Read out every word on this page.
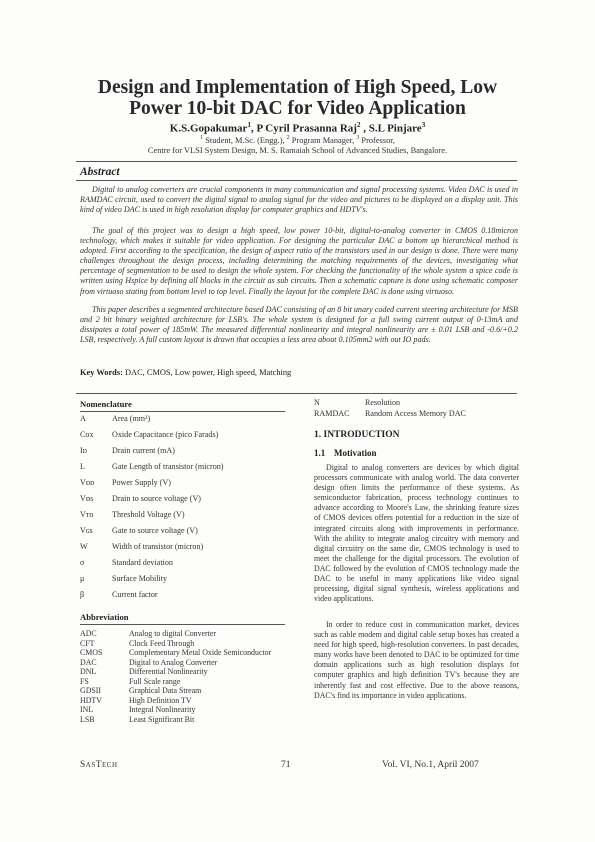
Design and Implementation of High Speed, Low
Power 10-bit DAC for Video Application
K.S.Gopakumar$^1$, P Cyril Prasanna Raj$^2$ , S.L Pinjare$^3$
$^1$ Student, M.Sc. (Engg.), $^2$ Program Manager, $^3$ Professor,
Centre for VLSI System Design, M. S. Ramaiah School of Advanced Studies, Bangalore.
Abstract

Digital to analog converters are crucial components in many communication and signal processing systems. Video DAC is used in RAMDAC circuit, used to convert the digital signal to analog signal for the video and pictures to be displayed on a display unit. This kind of video DAC is used in high resolution display for computer graphics and HDTV's.

The goal of this project was to design a high speed, low power 10-bit, digital-to-analog converter in CMOS 0.18micron technology, which makes it suitable for video application. For designing the particular DAC a bottom up hierarchical method is adopted. First according to the specification, the design of aspect ratio of the transistors used in our design is done. There were many challenges throughout the design process, including determining the matching requirements of the devices, investigating what percentage of segmentation to be used to design the whole system. For checking the functionality of the whole system a spice code is written using Hspice by defining all blocks in the circuit as sub circuits. Then a schematic capture is done using schematic composer from virtuoso stating from bottom level to top level. Finally the layout for the complete DAC is done using virtuoso.

This paper describes a segmented architecture based DAC consisting of an 8 bit unary coded current steering architecture for MSB and 2 bit binary weighted architecture for LSB's. The whole system is designed for a full swing current output of 0-13mA and dissipates a total power of 185mW. The measured differential nonlinearity and integral nonlinearity are ± 0.01 LSB and -0.6/+0.2 LSB, respectively. A full custom layout is drawn that occupies a less area about 0.105mm2 with out IO pads.

Key Words: DAC, CMOS, Low power, High speed, Matching
Nomenclature
A	Area (mm²)
Cox	Oxide Capacitance (pico Farads)
Iᴅ	Drain current (mA)
L	Gate Length of transistor (micron)
Vᴅᴅ	Power Supply (V)
Vᴅs	Drain to source voltage (V)
Vᴛᴏ	Threshold Voltage (V)
Vɢs	Gate to source voltage (V)
W	Width of transistor (micron)
σ	Standard deviation
μ	Surface Mobility
β	Current factor
Abbreviation
ADC	Analog to digital Converter
CFT	Clock Feed Through
CMOS	Complementary Metal Oxide Semiconductor
DAC	Digital to Analog Converter
DNL	Differential Nonlinearity
FS	Full Scale range
GDSII	Graphical Data Stream
HDTV	High Definition TV
INL	Integral Nonlinearity
LSB	Least Significant Bit
N	Resolution
RAMDAC Random Access Memory DAC
1. INTRODUCTION
1.1 Motivation

Digital to analog converters are devices by which digital processors communicate with analog world. The data converter design often limits the performance of these systems. As semiconductor fabrication, process technology continues to advance according to Moore's Law, the shrinking feature sizes of CMOS devices offers potential for a reduction in the size of integrated circuits along with improvements in performance. With the ability to integrate analog circuitry with memory and digital circuitry on the same die, CMOS technology is used to meet the challenge for the digital processors. The evolution of DAC followed by the evolution of CMOS technology made the DAC to be useful in many applications like video signal processing, digital signal synthesis, wireless applications and video applications.

In order to reduce cost in communication market, devices such as cable modem and digital cable setup boxes has created a need for high speed, high-resolution converters. In past decades, many works have been denoted to DAC to be optimized for time domain applications such as high resolution displays for computer graphics and high definition TV's because they are inherently fast and cost effective. Due to the above reasons, DAC's find its importance in video applications.

SasTech	71	Vol. VI, No.1, April 2007
